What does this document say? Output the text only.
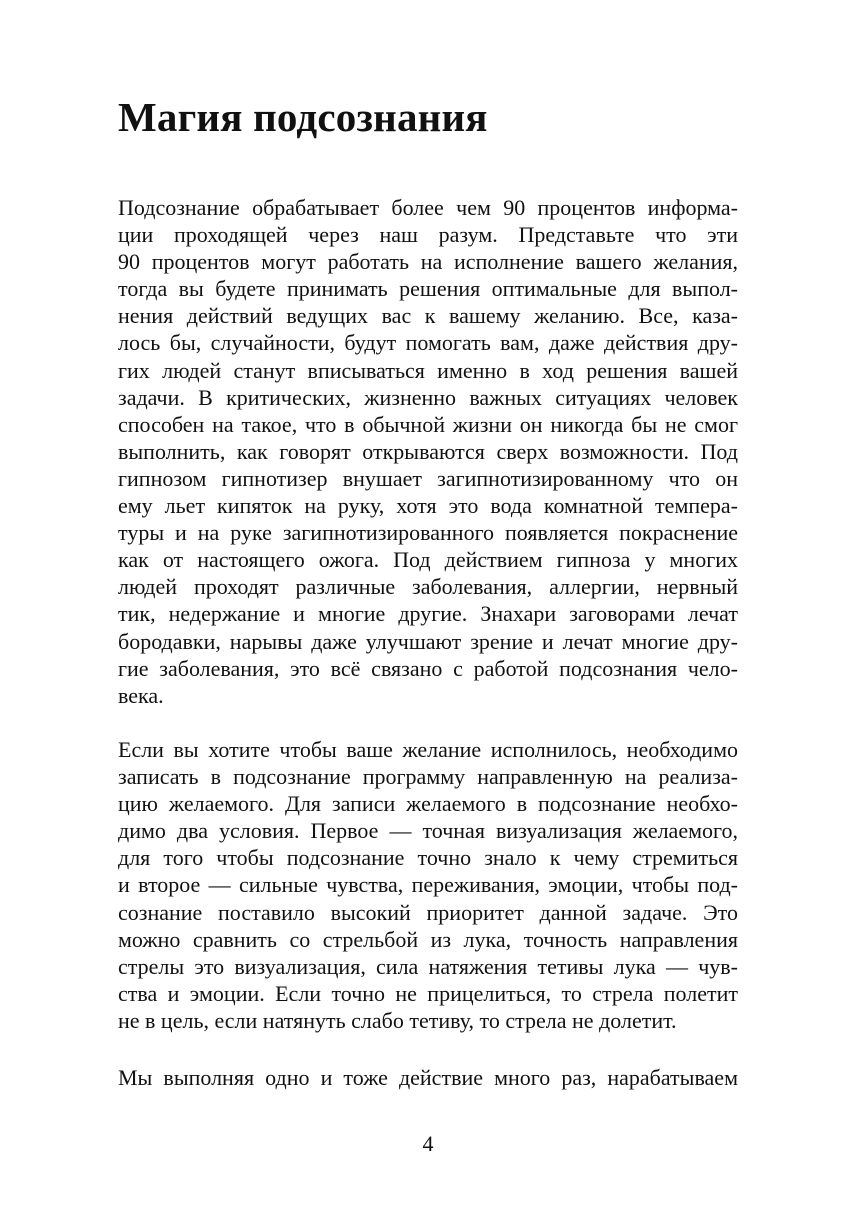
Магия подсознания
Подсознание обрабатывает более чем 90 процентов информа-
ции проходящей через наш разум. Представьте что эти
90 процентов могут работать на исполнение вашего желания,
тогда вы будете принимать решения оптимальные для выпол-
нения действий ведущих вас к вашему желанию. Все, каза-
лось бы, случайности, будут помогать вам, даже действия дру-
гих людей станут вписываться именно в ход решения вашей
задачи. В критических, жизненно важных ситуациях человек
способен на такое, что в обычной жизни он никогда бы не смог
выполнить, как говорят открываются сверх возможности. Под
гипнозом гипнотизер внушает загипнотизированному что он
ему льет кипяток на руку, хотя это вода комнатной темпера-
туры и на руке загипнотизированного появляется покраснение
как от настоящего ожога. Под действием гипноза у многих
людей проходят различные заболевания, аллергии, нервный
тик, недержание и многие другие. Знахари заговорами лечат
бородавки, нарывы даже улучшают зрение и лечат многие дру-
гие заболевания, это всё связано с работой подсознания чело-
века.
Если вы хотите чтобы ваше желание исполнилось, необходимо
записать в подсознание программу направленную на реализа-
цию желаемого. Для записи желаемого в подсознание необхо-
димо два условия. Первое — точная визуализация желаемого,
для того чтобы подсознание точно знало к чему стремиться
и второе — сильные чувства, переживания, эмоции, чтобы под-
сознание поставило высокий приоритет данной задаче. Это
можно сравнить со стрельбой из лука, точность направления
стрелы это визуализация, сила натяжения тетивы лука — чув-
ства и эмоции. Если точно не прицелиться, то стрела полетит
не в цель, если натянуть слабо тетиву, то стрела не долетит.
Мы выполняя одно и тоже действие много раз, нарабатываем
4
